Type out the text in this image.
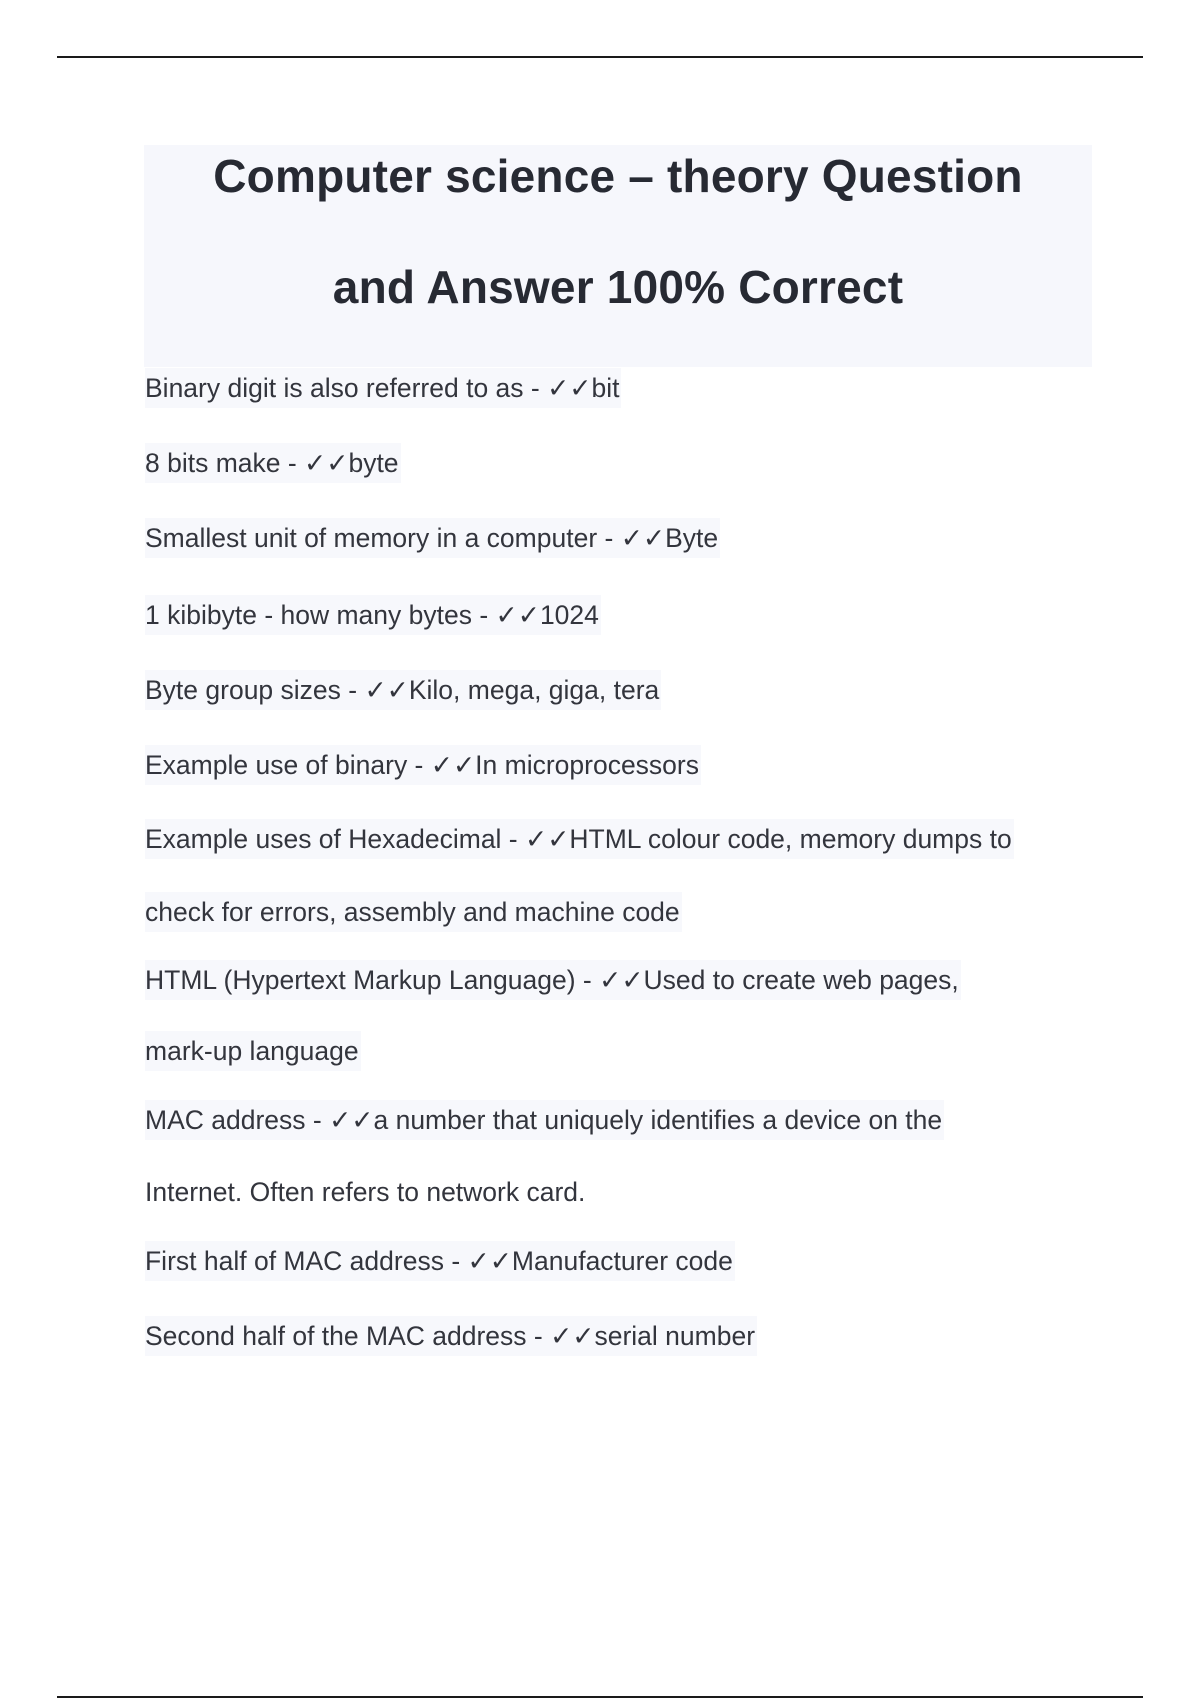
Computer science – theory Question
and Answer 100% Correct
Binary digit is also referred to as - ✓✓bit
8 bits make - ✓✓byte
Smallest unit of memory in a computer - ✓✓Byte
1 kibibyte - how many bytes - ✓✓1024
Byte group sizes - ✓✓Kilo, mega, giga, tera
Example use of binary - ✓✓In microprocessors
Example uses of Hexadecimal - ✓✓HTML colour code, memory dumps to
check for errors, assembly and machine code
HTML (Hypertext Markup Language) - ✓✓Used to create web pages,
mark-up language
MAC address - ✓✓a number that uniquely identifies a device on the
Internet. Often refers to network card.
First half of MAC address - ✓✓Manufacturer code
Second half of the MAC address - ✓✓serial number
